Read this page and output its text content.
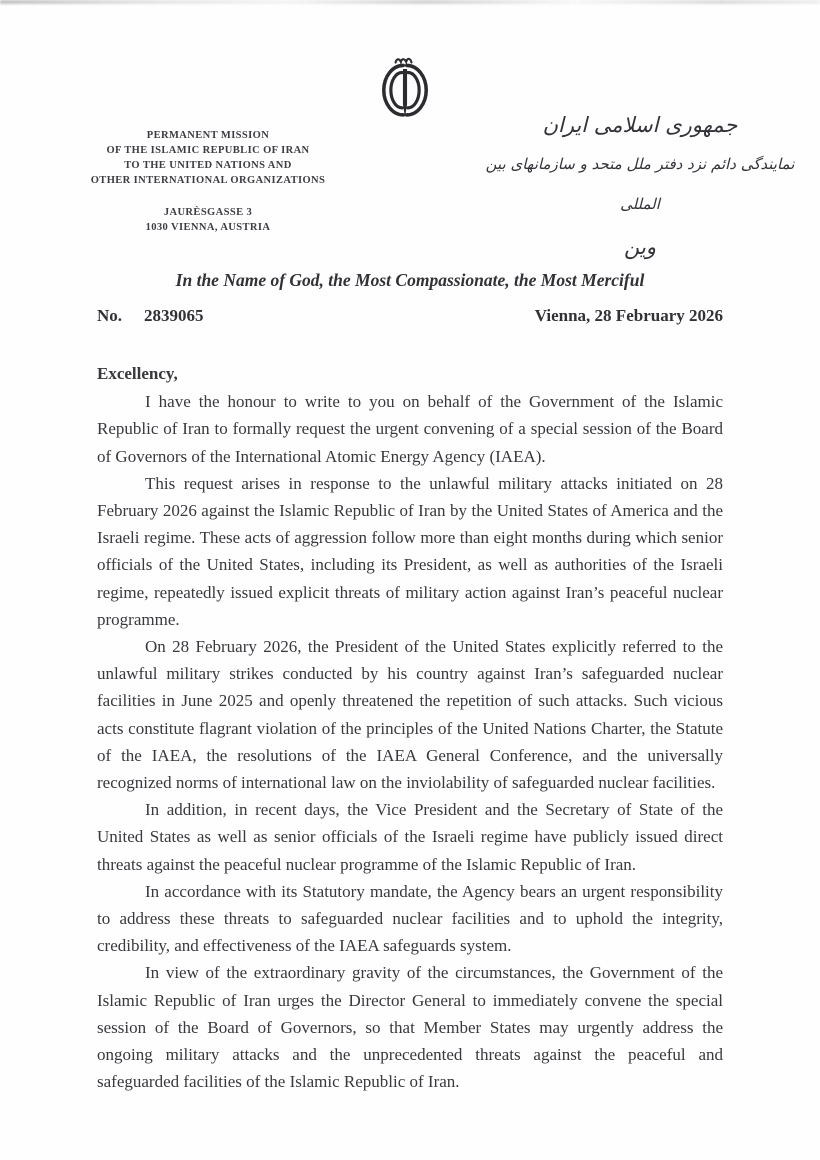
PERMANENT MISSION
OF THE ISLAMIC REPUBLIC OF IRAN
TO THE UNITED NATIONS AND
OTHER INTERNATIONAL ORGANIZATIONS
JAURÈSGASSE 3
1030 VIENNA, AUSTRIA
جمهوری اسلامی ایران
نمایندگی دائم نزد دفتر ملل متحد و سازمانهای بین المللی
وین
In the Name of God, the Most Compassionate, the Most Merciful
No. 2839065	Vienna, 28 February 2026
Excellency,

I have the honour to write to you on behalf of the Government of the Islamic Republic of Iran to formally request the urgent convening of a special session of the Board of Governors of the International Atomic Energy Agency (IAEA).

This request arises in response to the unlawful military attacks initiated on 28 February 2026 against the Islamic Republic of Iran by the United States of America and the Israeli regime. These acts of aggression follow more than eight months during which senior officials of the United States, including its President, as well as authorities of the Israeli regime, repeatedly issued explicit threats of military action against Iran’s peaceful nuclear programme.

On 28 February 2026, the President of the United States explicitly referred to the unlawful military strikes conducted by his country against Iran’s safeguarded nuclear facilities in June 2025 and openly threatened the repetition of such attacks. Such vicious acts constitute flagrant violation of the principles of the United Nations Charter, the Statute of the IAEA, the resolutions of the IAEA General Conference, and the universally recognized norms of international law on the inviolability of safeguarded nuclear facilities.

In addition, in recent days, the Vice President and the Secretary of State of the United States as well as senior officials of the Israeli regime have publicly issued direct threats against the peaceful nuclear programme of the Islamic Republic of Iran.

In accordance with its Statutory mandate, the Agency bears an urgent responsibility to address these threats to safeguarded nuclear facilities and to uphold the integrity, credibility, and effectiveness of the IAEA safeguards system.

In view of the extraordinary gravity of the circumstances, the Government of the Islamic Republic of Iran urges the Director General to immediately convene the special session of the Board of Governors, so that Member States may urgently address the ongoing military attacks and the unprecedented threats against the peaceful and safeguarded facilities of the Islamic Republic of Iran.
